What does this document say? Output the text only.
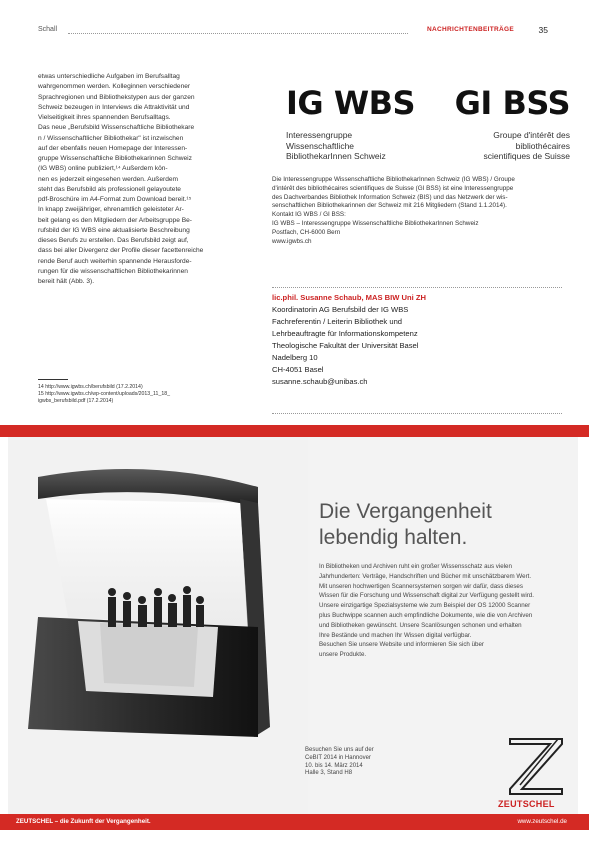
Schall	NACHRICHTENBEITRÄGE	35

etwas unterschiedliche Aufgaben im Berufsalltag

wahrgenommen werden. Kolleginnen verschiedener

Sprachregionen und Bibliothekstypen aus der ganzen

Schweiz bezeugen in Interviews die Attraktivität und

Vielseitigkeit ihres spannenden Berufsalltags.

Das neue „Berufsbild Wissenschaftliche Bibliothekare

n / Wissenschaftlicher Bibliothekar" ist inzwischen

auf der ebenfalls neuen Homepage der Interessen-

gruppe Wissenschaftliche Bibliothekarinnen Schweiz

(IG WBS) online publiziert,¹⁴ Außerdem kön-

nen es jederzeit eingesehen werden. Außerdem

steht das Berufsbild als professionell gelayoutete

pdf-Broschüre im A4-Format zum Download bereit.¹⁵

In knapp zweijähriger, ehrenamtlich geleisteter Ar-

beit gelang es den Mitgliedern der Arbeitsgruppe Be-

rufsbild der IG WBS eine aktualisierte Beschreibung

dieses Berufs zu erstellen. Das Berufsbild zeigt auf,

dass bei aller Divergenz der Profile dieser facettenreiche

rende Beruf auch weiterhin spannende Herausforde-

rungen für die wissenschaftlichen Bibliothekarinnen

bereit hält (Abb. 3).

14 http://www.igwbs.ch/berufsbild (17.2.2014)
15 http://www.igwbs.ch/wp-content/uploads/2013_11_18_
igwbs_berufsbild.pdf (17.2.2014)
IG WBS GI BSS
Interessengruppe
Wissenschaftliche
BibliothekarInnen Schweiz
Groupe d'intérêt des
bibliothécaires
scientifiques de Suisse

Die Interessengruppe Wissenschaftliche BibliothekarInnen Schweiz (IG WBS) / Groupe

d'intérêt des bibliothécaires scientifiques de Suisse (GI BSS) ist eine Interessengruppe

des Dachverbandes Bibliothek Information Schweiz (BIS) und das Netzwerk der wis-

senschaftlichen Bibliothekarinnen der Schweiz mit 216 Mitgliedern (Stand 1.1.2014).

Kontakt IG WBS / GI BSS:

IG WBS – Interessengruppe Wissenschaftliche BibliothekarInnen Schweiz

Postfach, CH-6000 Bern

www.igwbs.ch

lic.phil. Susanne Schaub, MAS BIW Uni ZH
Koordinatorin AG Berufsbild der IG WBS
Fachreferentin / Leiterin Bibliothek und
Lehrbeauftragte für Informationskompetenz
Theologische Fakultät der Universität Basel
Nadelberg 10
CH-4051 Basel
susanne.schaub@unibas.ch
Die Vergangenheit
lebendig halten.
In Bibliotheken und Archiven ruht ein großer Wissensschatz aus vielen
Jahrhunderten: Verträge, Handschriften und Bücher mit unschätzbarem Wert.
Mit unseren hochwertigen Scannersystemen sorgen wir dafür, dass dieses
Wissen für die Forschung und Wissenschaft digital zur Verfügung gestellt wird.
Unsere einzigartige Spezialsysteme wie zum Beispiel der OS 12000 Scanner
plus Buchwippe scannen auch empfindliche Dokumente, wie die von Archiven
und Bibliotheken gewünscht. Unsere Scanlösungen schonen und erhalten
Ihre Bestände und machen Ihr Wissen digital verfügbar.
Besuchen Sie unsere Website und informieren Sie sich über
unsere Produkte.
Besuchen Sie uns auf der
CeBIT 2014 in Hannover
10. bis 14. März 2014
Halle 3, Stand H8
ZEUTSCHEL
ZEUTSCHEL – die Zukunft der Vergangenheit.	www.zeutschel.de
